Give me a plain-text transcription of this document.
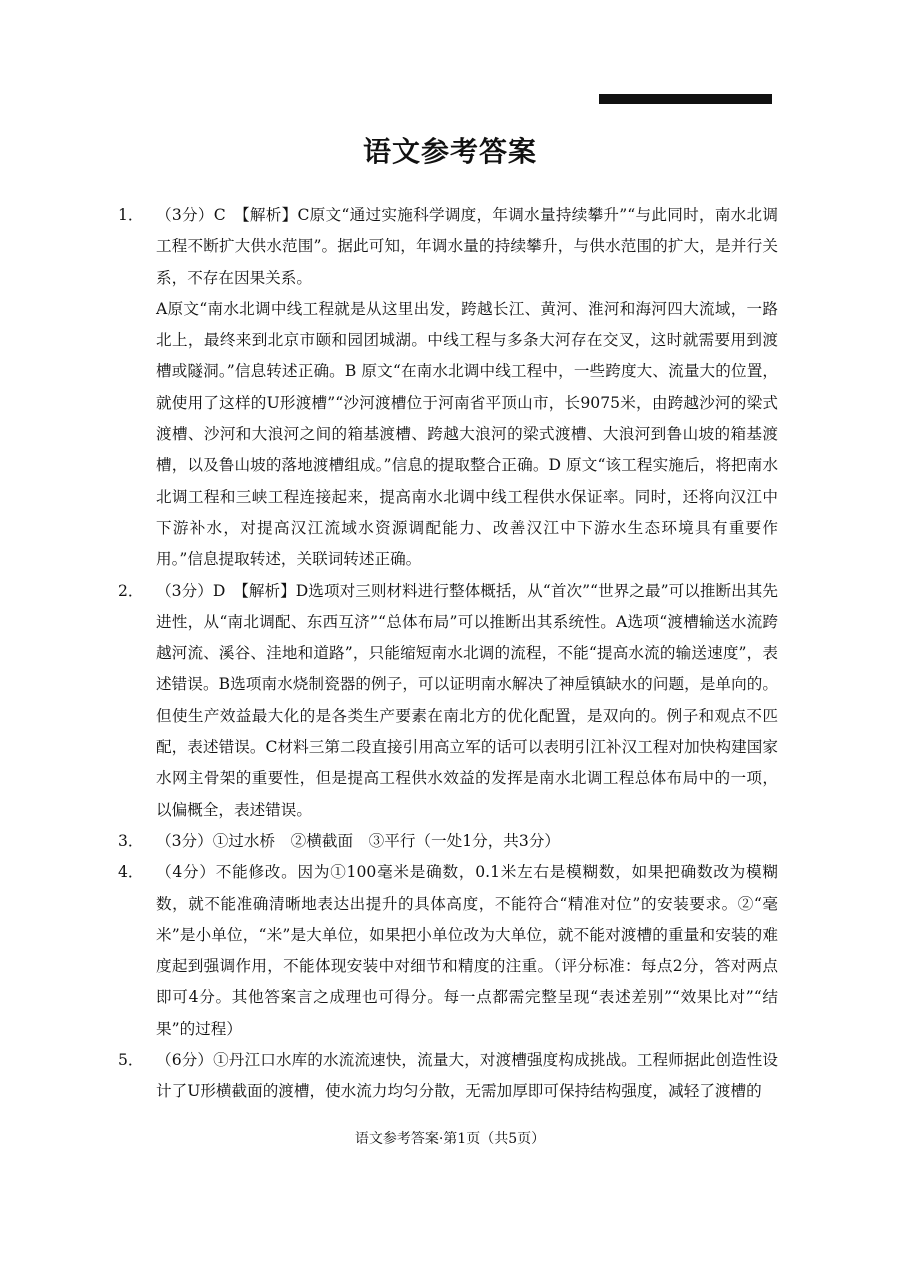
语文参考答案
1． （3分）C　【解析】C原文“通过实施科学调度，年调水量持续攀升”“与此同时，南水北调工程不断扩大供水范围”。据此可知，年调水量的持续攀升，与供水范围的扩大，是并行关系，不存在因果关系。

A原文“南水北调中线工程就是从这里出发，跨越长江、黄河、淮河和海河四大流域，一路北上，最终来到北京市颐和园团城湖。中线工程与多条大河存在交叉，这时就需要用到渡槽或隧洞。”信息转述正确。B 原文“在南水北调中线工程中，一些跨度大、流量大的位置，就使用了这样的U形渡槽”“沙河渡槽位于河南省平顶山市，长9075米，由跨越沙河的梁式渡槽、沙河和大浪河之间的箱基渡槽、跨越大浪河的梁式渡槽、大浪河到鲁山坡的箱基渡槽，以及鲁山坡的落地渡槽组成。”信息的提取整合正确。D 原文“该工程实施后，将把南水北调工程和三峡工程连接起来，提高南水北调中线工程供水保证率。同时，还将向汉江中下游补水，对提高汉江流域水资源调配能力、改善汉江中下游水生态环境具有重要作用。”信息提取转述，关联词转述正确。

2． （3分）D　【解析】D选项对三则材料进行整体概括，从“首次”“世界之最”可以推断出其先进性，从“南北调配、东西互济”“总体布局”可以推断出其系统性。A选项“渡槽输送水流跨越河流、溪谷、洼地和道路”，只能缩短南水北调的流程，不能“提高水流的输送速度”，表述错误。B选项南水烧制瓷器的例子，可以证明南水解决了神垕镇缺水的问题，是单向的。但使生产效益最大化的是各类生产要素在南北方的优化配置，是双向的。例子和观点不匹配，表述错误。C材料三第二段直接引用高立军的话可以表明引江补汉工程对加快构建国家水网主骨架的重要性，但是提高工程供水效益的发挥是南水北调工程总体布局中的一项，以偏概全，表述错误。

3． （3分）①过水桥　②横截面　③平行（一处1分，共3分）

4． （4分）不能修改。因为①100毫米是确数，0.1米左右是模糊数，如果把确数改为模糊数，就不能准确清晰地表达出提升的具体高度，不能符合“精准对位”的安装要求。②“毫米”是小单位，“米”是大单位，如果把小单位改为大单位，就不能对渡槽的重量和安装的难度起到强调作用，不能体现安装中对细节和精度的注重。（评分标准：每点2分，答对两点即可4分。其他答案言之成理也可得分。每一点都需完整呈现“表述差别”“效果比对”“结果”的过程）

5． （6分）①丹江口水库的水流流速快，流量大，对渡槽强度构成挑战。工程师据此创造性设计了U形横截面的渡槽，使水流力均匀分散，无需加厚即可保持结构强度，减轻了渡槽的

语文参考答案·第1页（共5页）
